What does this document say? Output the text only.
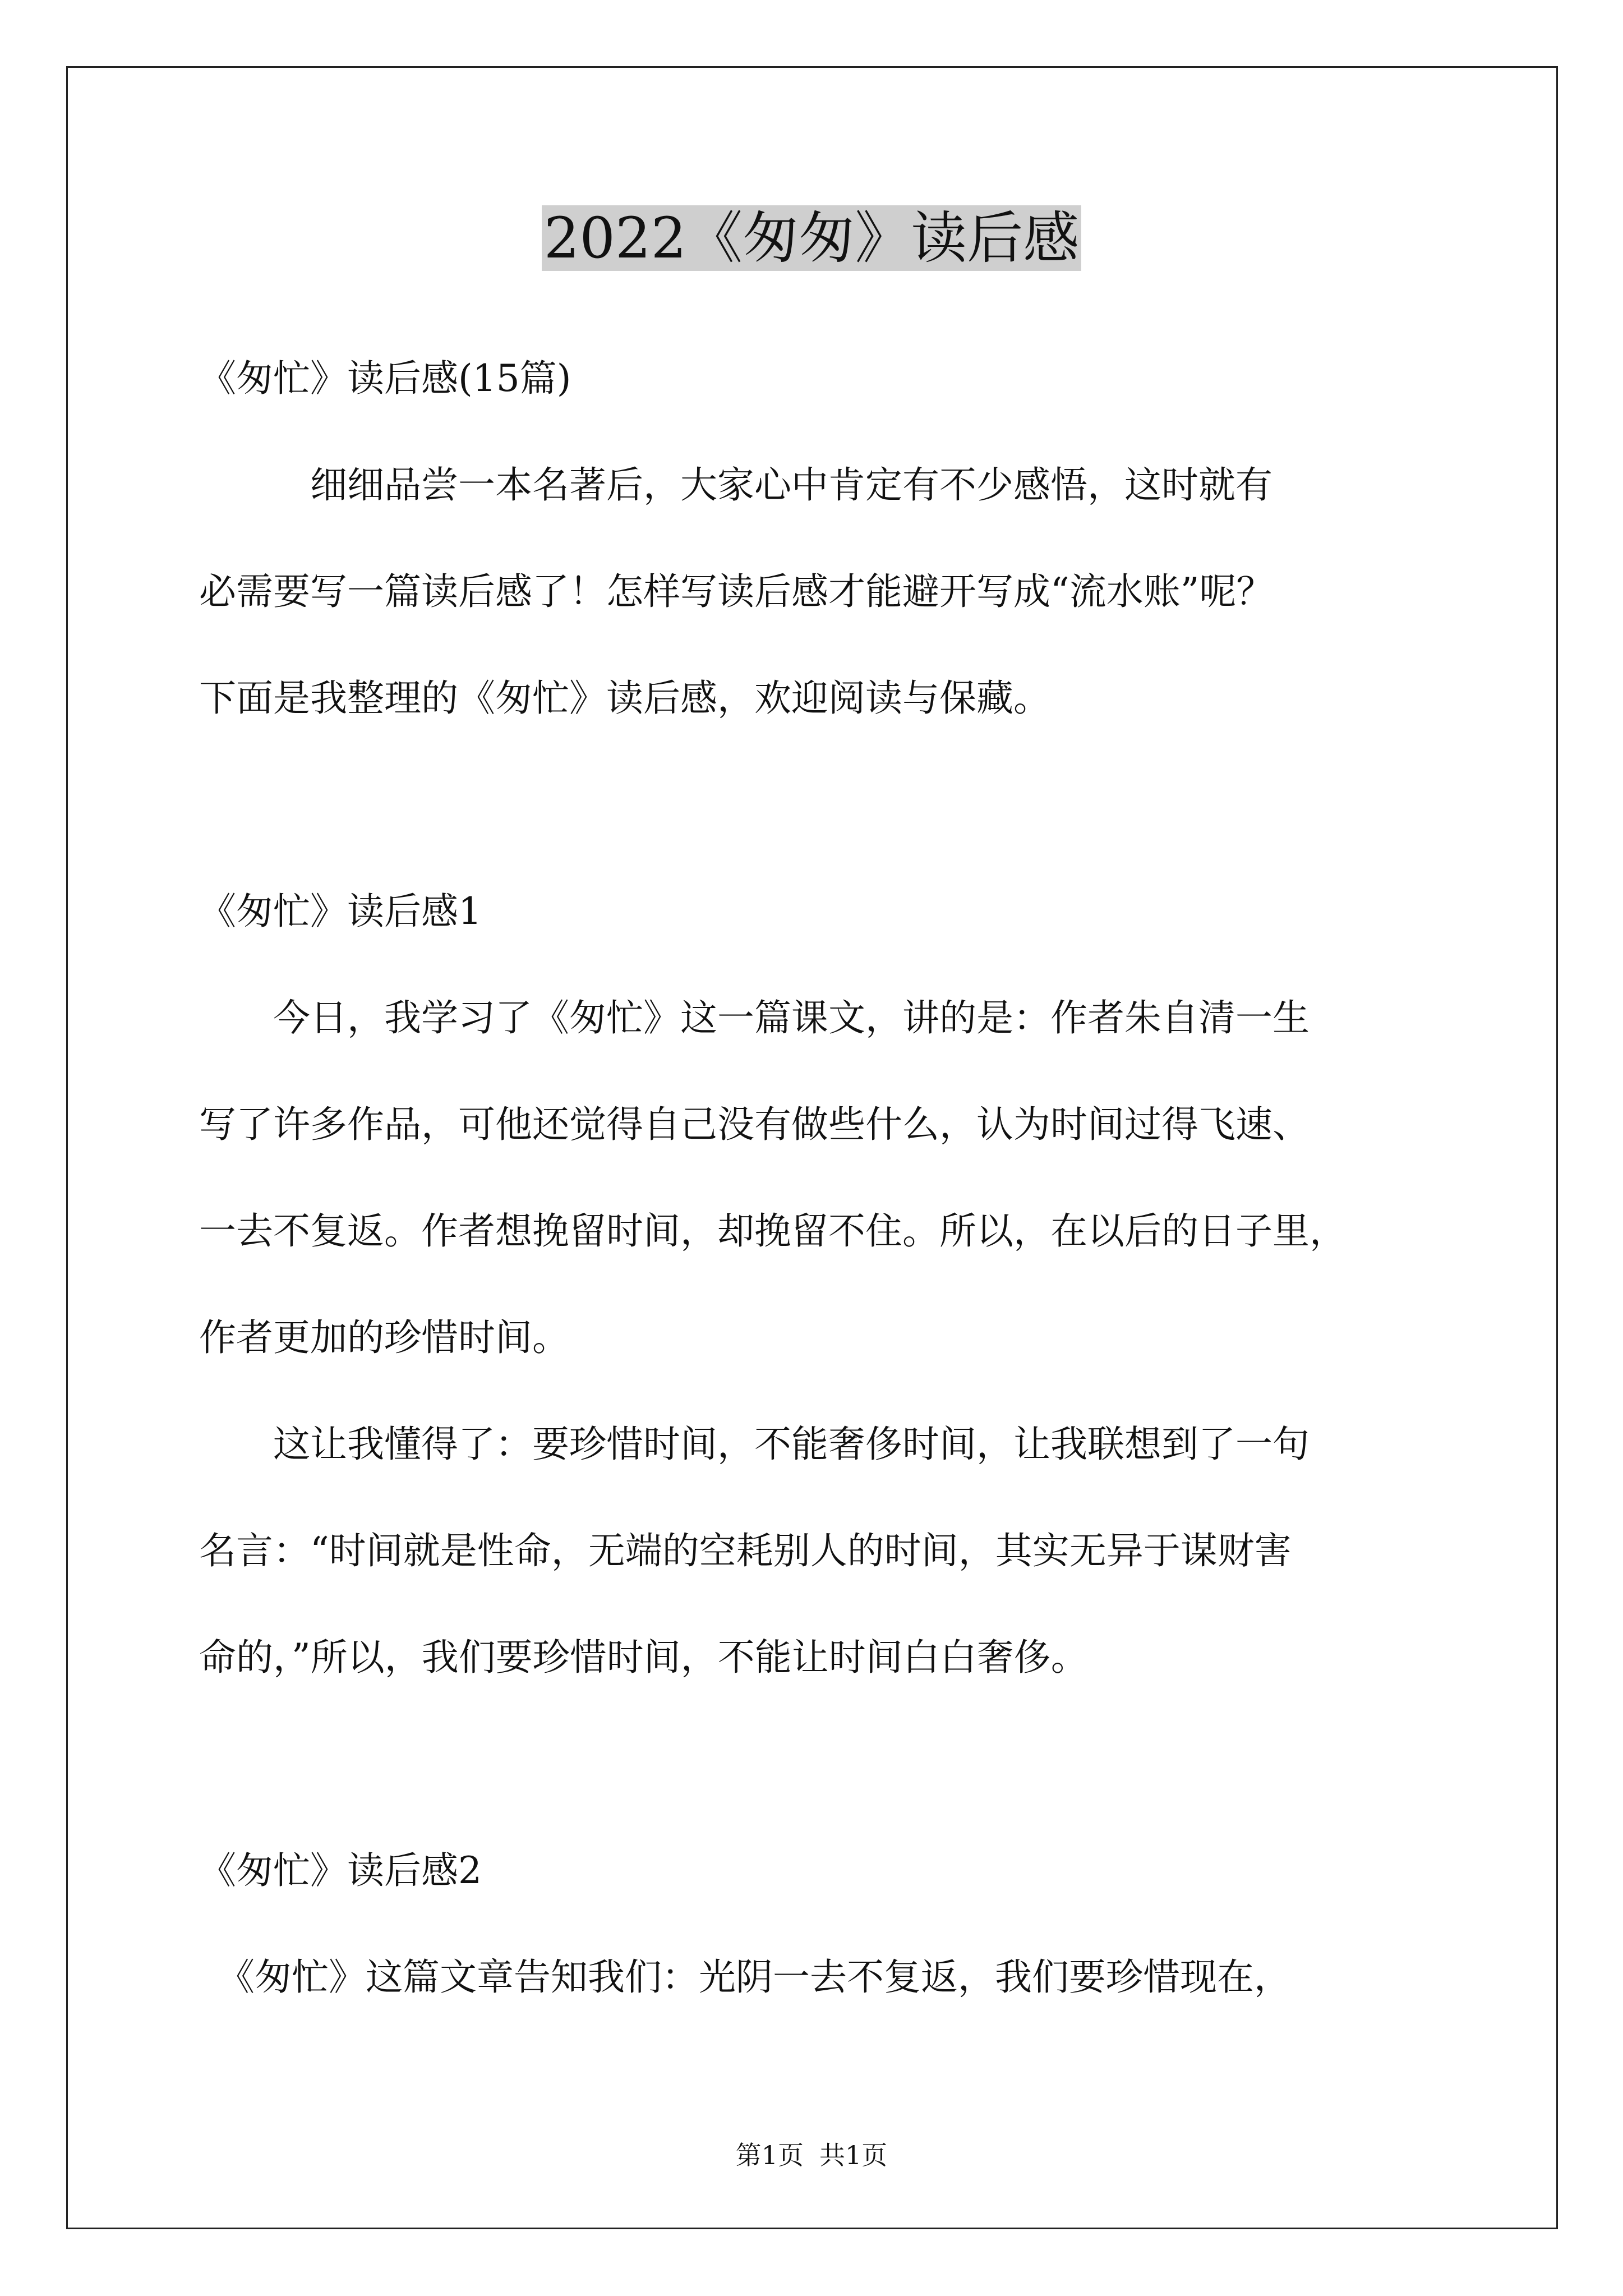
2022《匆匆》读后感
《匆忙》读后感(15篇)
　　　细细品尝一本名著后，大家心中肯定有不少感悟，这时就有
必需要写一篇读后感了！怎样写读后感才能避开写成“流水账”呢？
下面是我整理的《匆忙》读后感，欢迎阅读与保藏。
《匆忙》读后感1
　　今日，我学习了《匆忙》这一篇课文，讲的是：作者朱自清一生
写了许多作品，可他还觉得自己没有做些什么，认为时间过得飞速、
一去不复返。作者想挽留时间，却挽留不住。所以，在以后的日子里，
作者更加的珍惜时间。
　　这让我懂得了：要珍惜时间，不能奢侈时间，让我联想到了一句
名言：“时间就是性命，无端的空耗别人的时间，其实无异于谋财害
命的，”所以，我们要珍惜时间，不能让时间白白奢侈。
《匆忙》读后感2
　《匆忙》这篇文章告知我们：光阴一去不复返，我们要珍惜现在，
第1页 共1页
